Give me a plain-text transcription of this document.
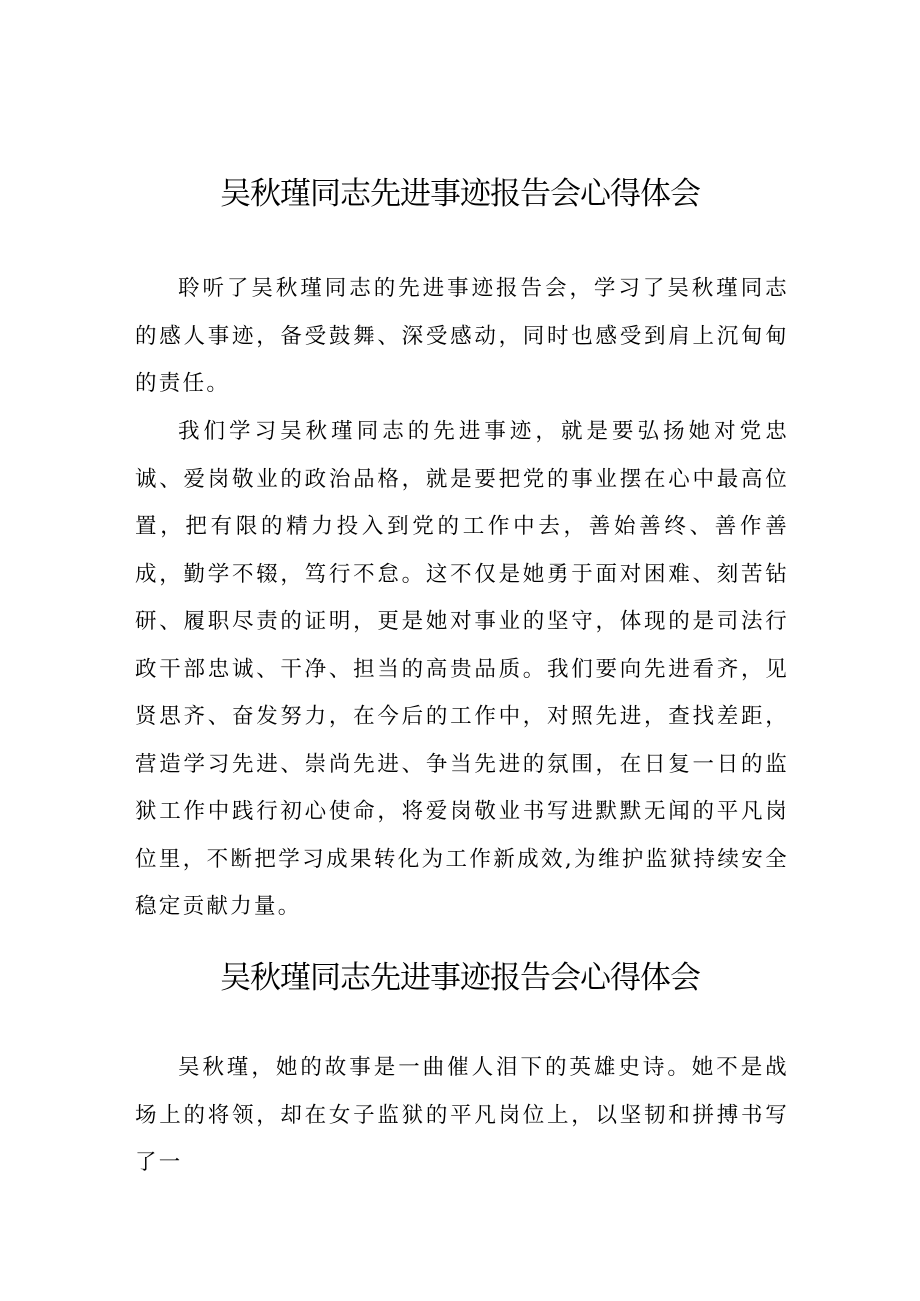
吴秋瑾同志先进事迹报告会心得体会

聆听了吴秋瑾同志的先进事迹报告会，学习了吴秋瑾同志的感人事迹，备受鼓舞、深受感动，同时也感受到肩上沉甸甸的责任。

我们学习吴秋瑾同志的先进事迹，就是要弘扬她对党忠诚、爱岗敬业的政治品格，就是要把党的事业摆在心中最高位置，把有限的精力投入到党的工作中去，善始善终、善作善成，勤学不辍，笃行不怠。这不仅是她勇于面对困难、刻苦钻研、履职尽责的证明，更是她对事业的坚守，体现的是司法行政干部忠诚、干净、担当的高贵品质。我们要向先进看齐，见贤思齐、奋发努力，在今后的工作中，对照先进，查找差距，营造学习先进、崇尚先进、争当先进的氛围，在日复一日的监狱工作中践行初心使命，将爱岗敬业书写进默默无闻的平凡岗位里，不断把学习成果转化为工作新成效,为维护监狱持续安全稳定贡献力量。

吴秋瑾同志先进事迹报告会心得体会

吴秋瑾，她的故事是一曲催人泪下的英雄史诗。她不是战场上的将领，却在女子监狱的平凡岗位上，以坚韧和拼搏书写了一
